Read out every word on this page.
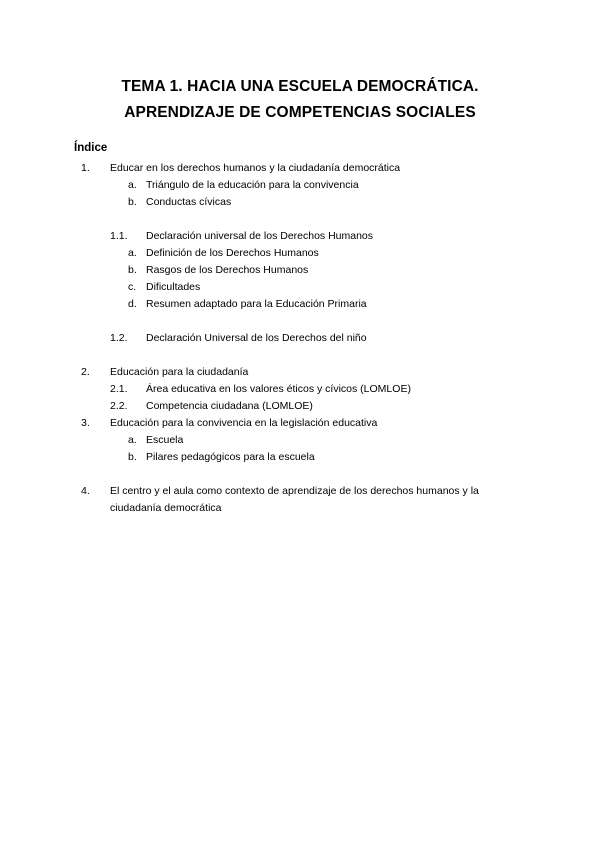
TEMA 1. HACIA UNA ESCUELA DEMOCRÁTICA.
APRENDIZAJE DE COMPETENCIAS SOCIALES
Índice
1. Educar en los derechos humanos y la ciudadanía democrática
a. Triángulo de la educación para la convivencia
b. Conductas cívicas
1.1. Declaración universal de los Derechos Humanos
a. Definición de los Derechos Humanos
b. Rasgos de los Derechos Humanos
c. Dificultades
d. Resumen adaptado para la Educación Primaria
1.2. Declaración Universal de los Derechos del niño
2. Educación para la ciudadanía
2.1. Área educativa en los valores éticos y cívicos (LOMLOE)
2.2. Competencia ciudadana (LOMLOE)
3. Educación para la convivencia en la legislación educativa
a. Escuela
b. Pilares pedagógicos para la escuela
4. El centro y el aula como contexto de aprendizaje de los derechos humanos y la ciudadanía democrática
